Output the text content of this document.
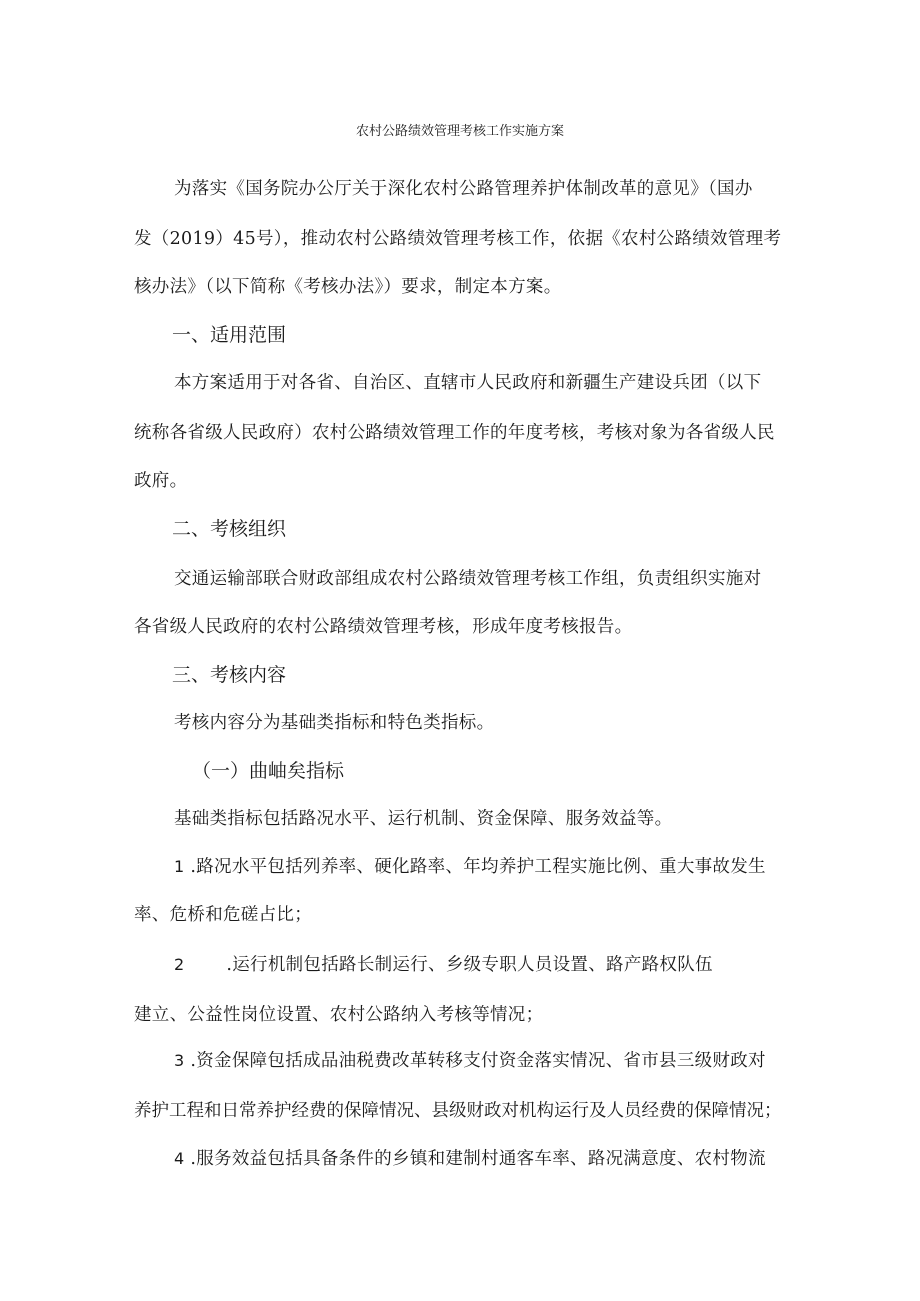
农村公路绩效管理考核工作实施方案
为落实《国务院办公厅关于深化农村公路管理养护体制改革的意见》（国办
发（2019）45号），推动农村公路绩效管理考核工作，依据《农村公路绩效管理考
核办法》（以下简称《考核办法》）要求，制定本方案。
一、适用范围
本方案适用于对各省、自治区、直辖市人民政府和新疆生产建设兵团（以下
统称各省级人民政府）农村公路绩效管理工作的年度考核，考核对象为各省级人民
政府。
二、考核组织
交通运输部联合财政部组成农村公路绩效管理考核工作组，负责组织实施对
各省级人民政府的农村公路绩效管理考核，形成年度考核报告。
三、考核内容
考核内容分为基础类指标和特色类指标。
（一）曲岫矣指标
基础类指标包括路况水平、运行机制、资金保障、服务效益等。
1 .路况水平包括列养率、硬化路率、年均养护工程实施比例、重大事故发生
率、危桥和危磋占比；
2 .运行机制包括路长制运行、乡级专职人员设置、路产路权队伍
建立、公益性岗位设置、农村公路纳入考核等情况；
3 .资金保障包括成品油税费改革转移支付资金落实情况、省市县三级财政对
养护工程和日常养护经费的保障情况、县级财政对机构运行及人员经费的保障情况；
4 .服务效益包括具备条件的乡镇和建制村通客车率、路况满意度、农村物流
